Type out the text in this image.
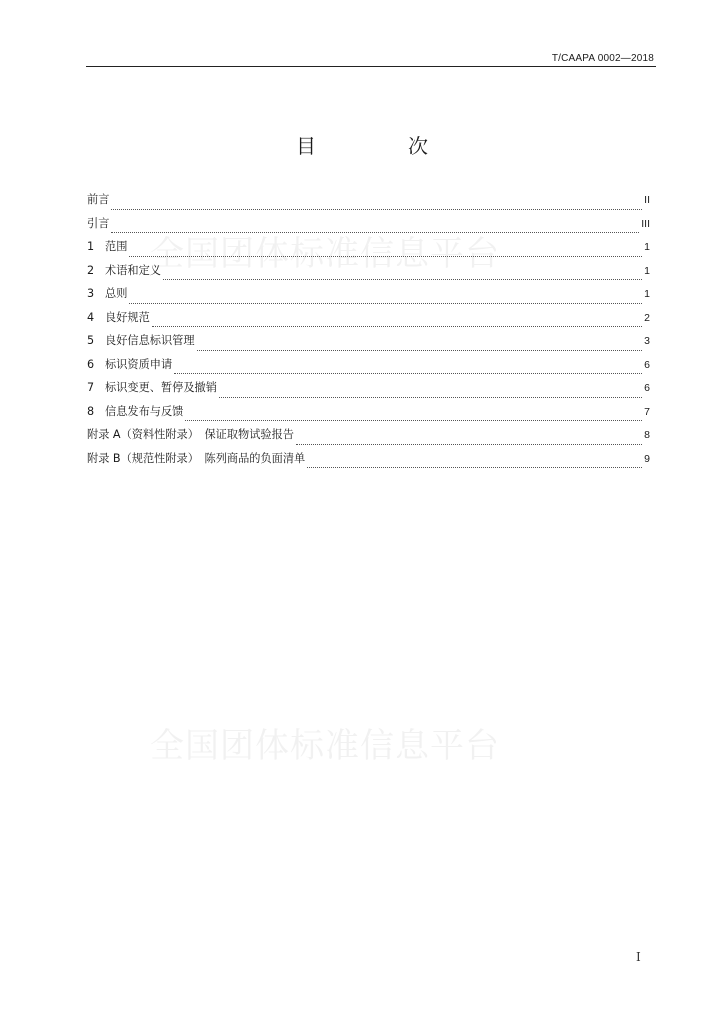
T/CAAPA 0002—2018
目　次
全国团体标准信息平台
全国团体标准信息平台
前言	II
引言	III
1 范围	1
2 术语和定义	1
3 总则	1
4 良好规范	2
5 良好信息标识管理	3
6 标识资质申请	6
7 标识变更、暂停及撤销	6
8 信息发布与反馈	7
附录 A（资料性附录）　保证取物试验报告	8
附录 B（规范性附录）　陈列商品的负面清单	9
I
